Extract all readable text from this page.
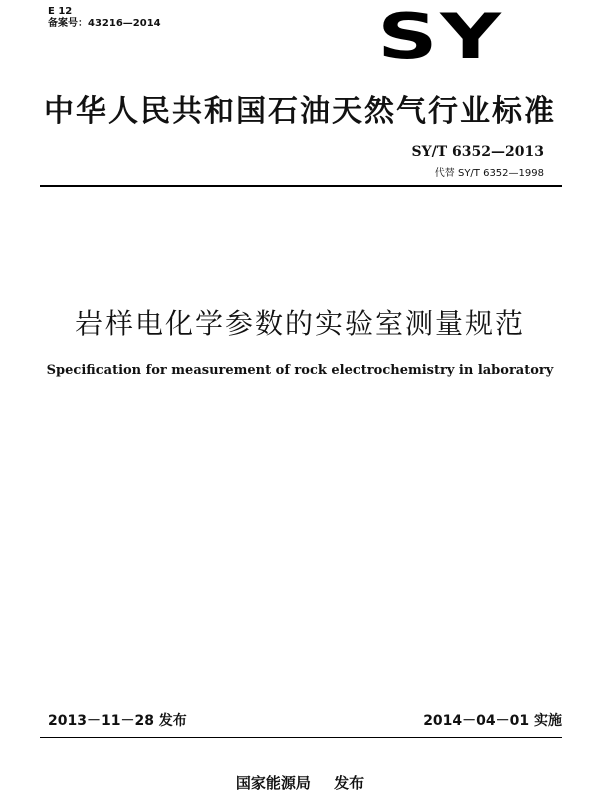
E 12
备案号：43216—2014	SY
中华人民共和国石油天然气行业标准
SY/T 6352—2013
代替 SY/T 6352—1998
岩样电化学参数的实验室测量规范
Specification for measurement of rock electrochemistry in laboratory
2013－11－28 发布	2014－04－01 实施
国家能源局 发布
